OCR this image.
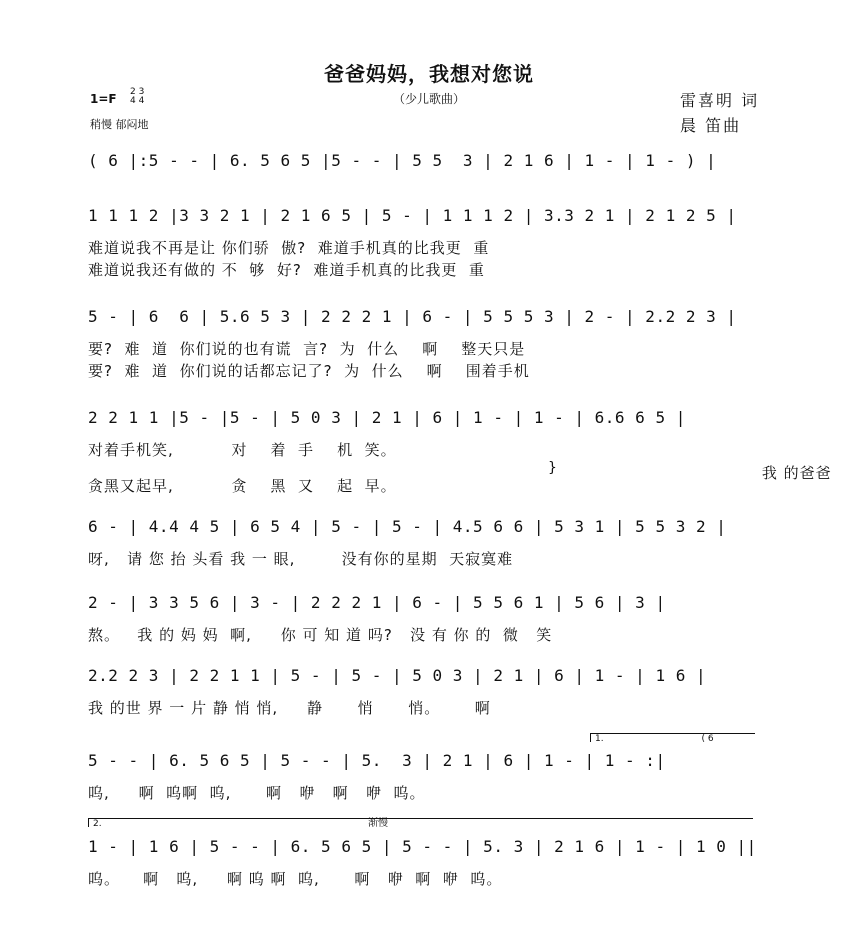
爸爸妈妈，我想对您说
（少儿歌曲）
1=F 2 3
4 4
稍慢 郁闷地
雷喜明 词
晨 笛曲
( 6 |:5 - - | 6. 5 6 5 |5 - - | 5 5  3 | 2 1 6 | 1 - | 1 - ) |
1 1 1 2 |3 3 2 1 | 2 1 6 5 | 5 - | 1 1 1 2 | 3.3 2 1 | 2 1 2 5 |
难道说我不再是让 你们骄  傲?  难道手机真的比我更  重
难道说我还有做的 不  够  好?  难道手机真的比我更  重
5 - | 6  6 | 5.6 5 3 | 2 2 2 1 | 6 - | 5 5 5 3 | 2 - | 2.2 2 3 |
要?  难  道  你们说的也有谎  言?  为  什么    啊    整天只是
要?  难  道  你们说的话都忘记了?  为  什么    啊    围着手机
2 2 1 1 |5 - |5 - | 5 0 3 | 2 1 | 6 | 1 - | 1 - | 6.6 6 5 |
对着手机笑,          对    着  手    机  笑。
贪黑又起早,          贪    黑  又    起  早。
}
6 - | 4.4 4 5 | 6 5 4 | 5 - | 5 - | 4.5 6 6 | 5 3 1 | 5 5 3 2 |
呀,   请 您 抬 头看 我 一 眼,        没有你的星期  天寂寞难
我 的爸爸
2 - | 3 3 5 6 | 3 - | 2 2 2 1 | 6 - | 5 5 6 1 | 5 6 | 3 |
熬。   我 的 妈 妈  啊,     你 可 知 道 吗?   没 有 你 的  微   笑
2.2 2 3 | 2 2 1 1 | 5 - | 5 - | 5 0 3 | 2 1 | 6 | 1 - | 1 6 |
我 的世 界 一 片 静 悄 悄,     静      悄      悄。      啊
1.	( 6
5 - - | 6. 5 6 5 | 5 - - | 5.  3 | 2 1 | 6 | 1 - | 1 - :|
呜,     啊  呜啊  呜,      啊   咿   啊   咿  呜。
2.	渐慢
1 - | 1 6 | 5 - - | 6. 5 6 5 | 5 - - | 5. 3 | 2 1 6 | 1 - | 1 0 ||
呜。    啊   呜,     啊 呜 啊  呜,      啊   咿  啊  咿  呜。
